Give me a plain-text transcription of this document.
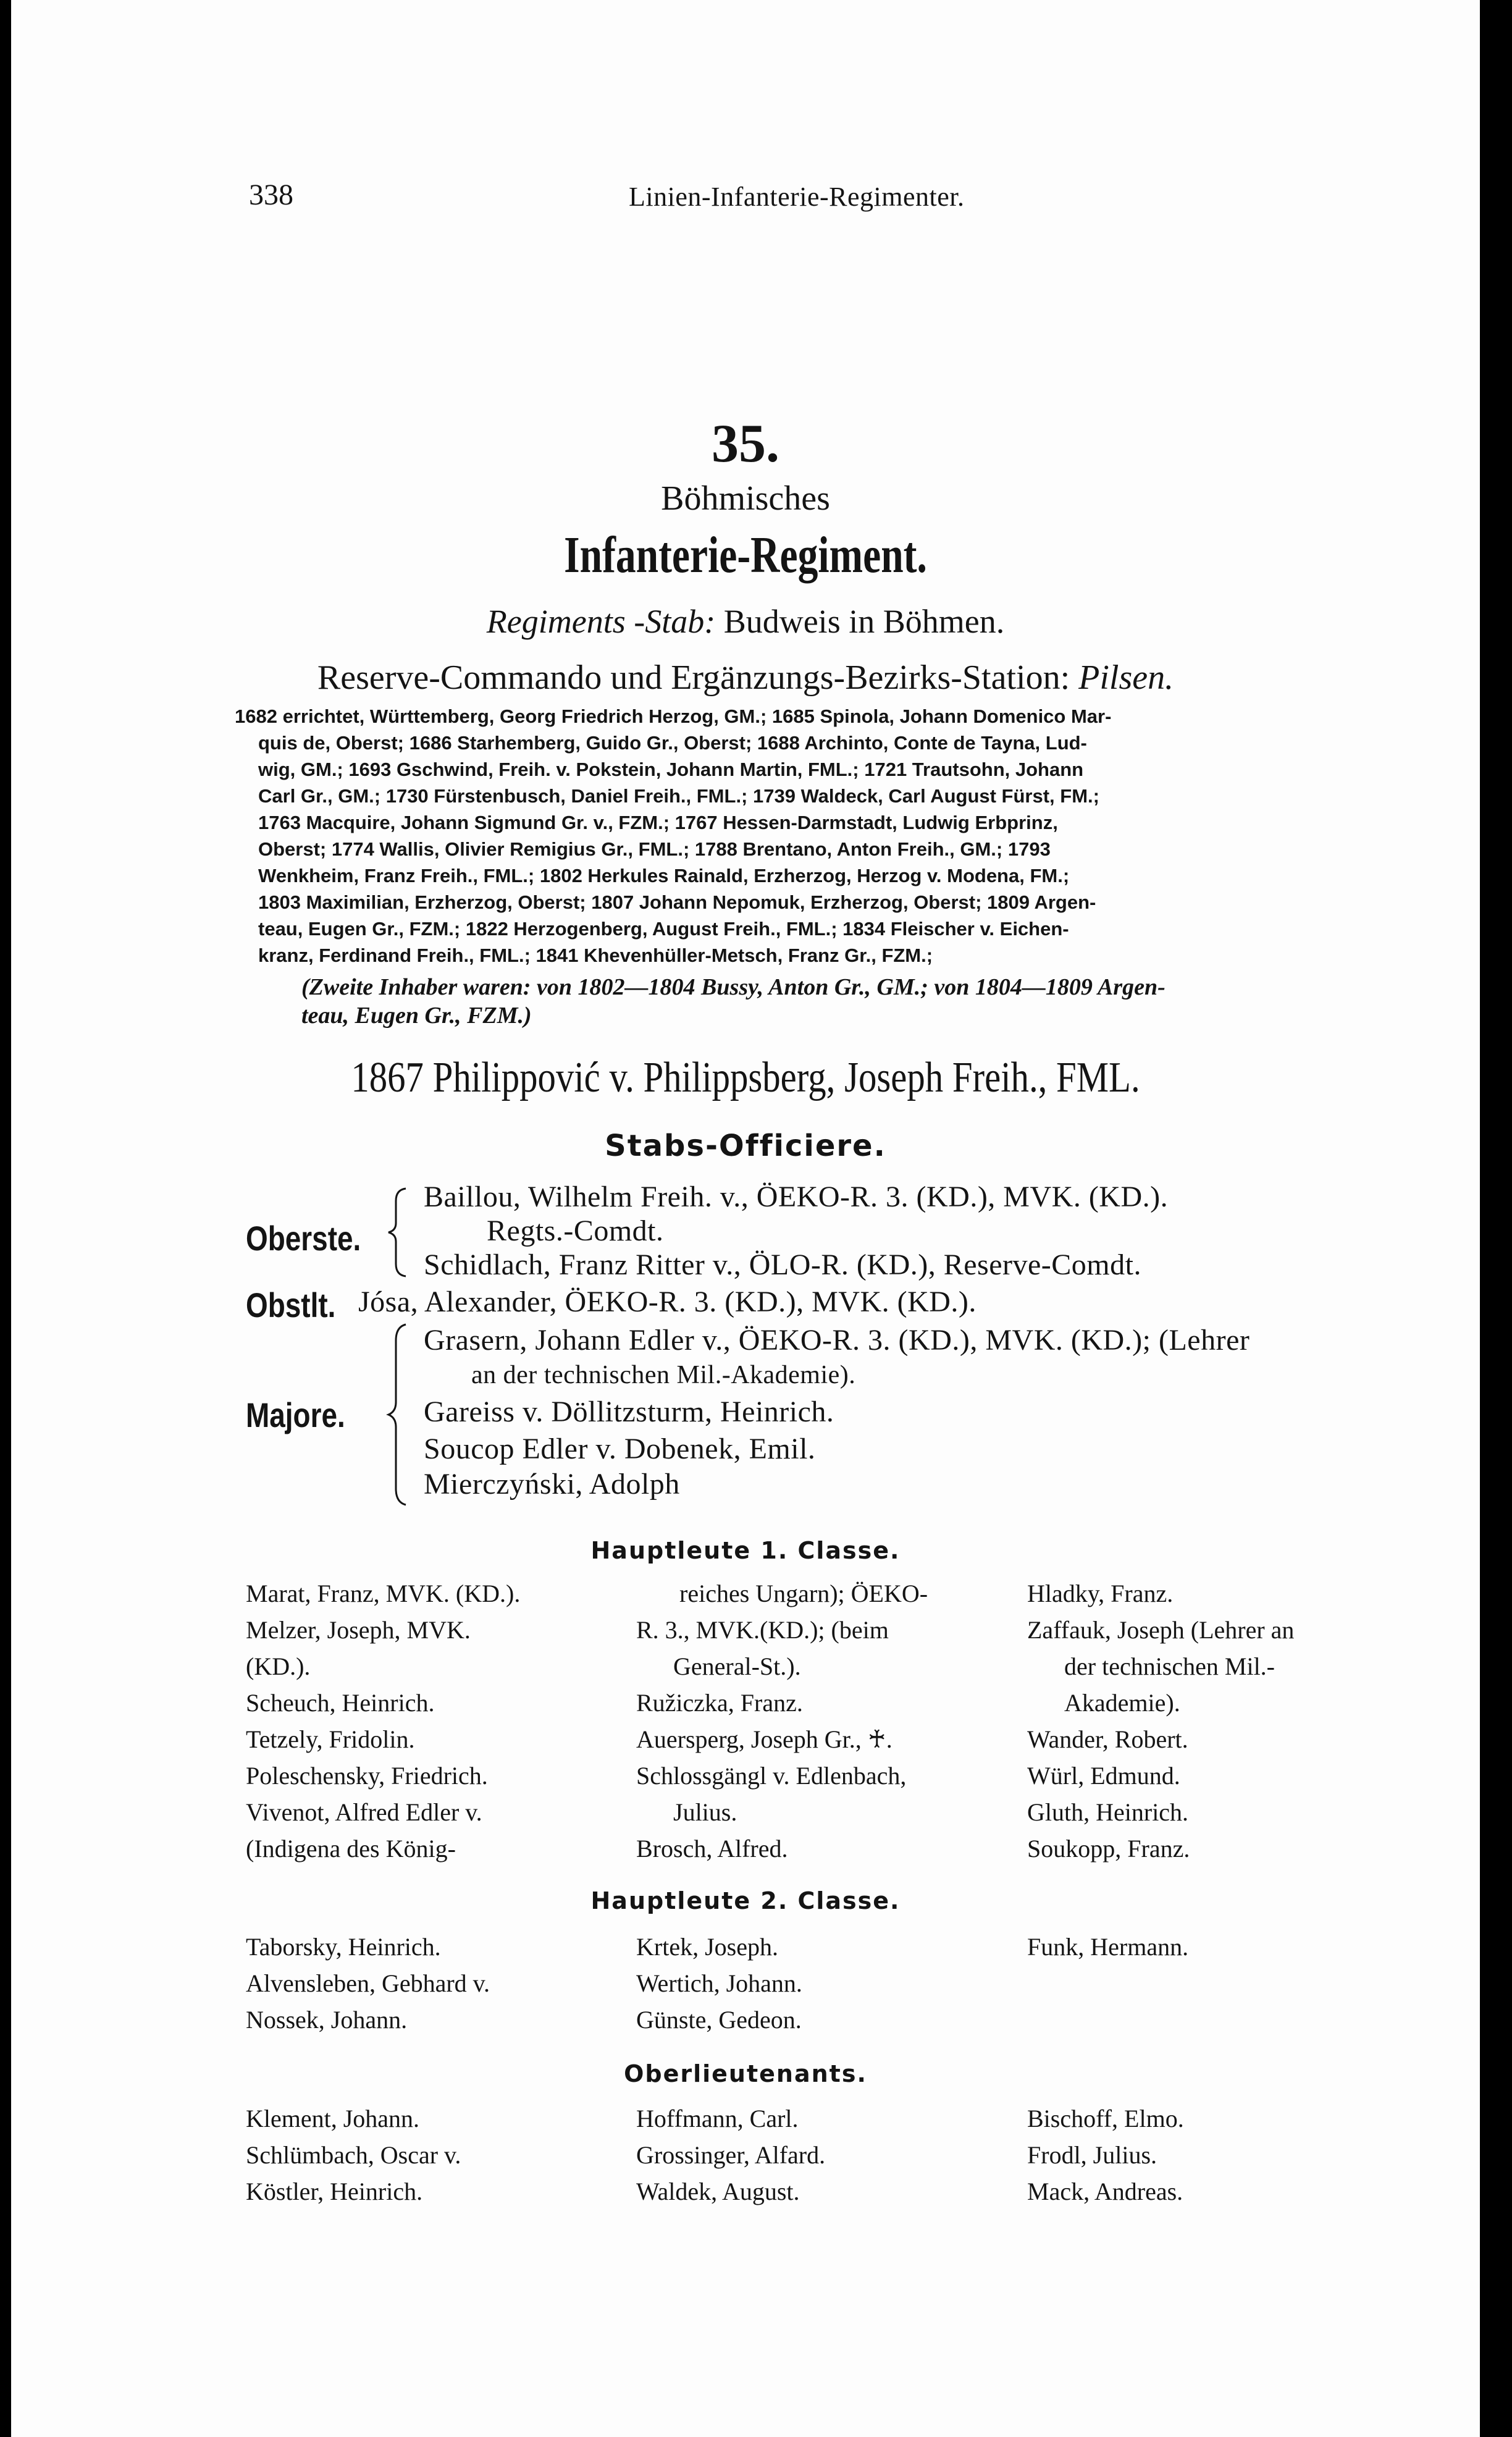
338	Linien-Infanterie-Regimenter.
35.
Böhmisches
Infanterie-Regiment.
Regiments -Stab: Budweis in Böhmen.
Reserve-Commando und Ergänzungs-Bezirks-Station: Pilsen.
1682 errichtet, Württemberg, Georg Friedrich Herzog, GM.; 1685 Spinola, Johann Domenico Mar-
quis de, Oberst; 1686 Starhemberg, Guido Gr., Oberst; 1688 Archinto, Conte de Tayna, Lud-
wig, GM.; 1693 Gschwind, Freih. v. Pokstein, Johann Martin, FML.; 1721 Trautsohn, Johann
Carl Gr., GM.; 1730 Fürstenbusch, Daniel Freih., FML.; 1739 Waldeck, Carl August Fürst, FM.;
1763 Macquire, Johann Sigmund Gr. v., FZM.; 1767 Hessen-Darmstadt, Ludwig Erbprinz,
Oberst; 1774 Wallis, Olivier Remigius Gr., FML.; 1788 Brentano, Anton Freih., GM.; 1793
Wenkheim, Franz Freih., FML.; 1802 Herkules Rainald, Erzherzog, Herzog v. Modena, FM.;
1803 Maximilian, Erzherzog, Oberst; 1807 Johann Nepomuk, Erzherzog, Oberst; 1809 Argen-
teau, Eugen Gr., FZM.; 1822 Herzogenberg, August Freih., FML.; 1834 Fleischer v. Eichen-
kranz, Ferdinand Freih., FML.; 1841 Khevenhüller-Metsch, Franz Gr., FZM.;
(Zweite Inhaber waren: von 1802—1804 Bussy, Anton Gr., GM.; von 1804—1809 Argen-
teau, Eugen Gr., FZM.)
1867 Philippović v. Philippsberg, Joseph Freih., FML.
Stabs-Officiere.
Oberste.
Baillou, Wilhelm Freih. v., ÖEKO-R. 3. (KD.), MVK. (KD.).
Regts.-Comdt.
Schidlach, Franz Ritter v., ÖLO-R. (KD.), Reserve-Comdt.
Obstlt. Jósa, Alexander, ÖEKO-R. 3. (KD.), MVK. (KD.).
Majore.
Grasern, Johann Edler v., ÖEKO-R. 3. (KD.), MVK. (KD.); (Lehrer
an der technischen Mil.-Akademie).
Gareiss v. Döllitzsturm, Heinrich.
Soucop Edler v. Dobenek, Emil.
Mierczyński, Adolph
Hauptleute 1. Classe.
Marat, Franz, MVK. (KD.).
Melzer, Joseph, MVK.
(KD.).
Scheuch, Heinrich.
Tetzely, Fridolin.
Poleschensky, Friedrich.
Vivenot, Alfred Edler v.
(Indigena des König-
reiches Ungarn); ÖEKO-
R. 3., MVK.(KD.); (beim
General-St.).
Ružiczka, Franz.
Auersperg, Joseph Gr., ♰.
Schlossgängl v. Edlenbach,
Julius.
Brosch, Alfred.
Hladky, Franz.
Zaffauk, Joseph (Lehrer an
der technischen Mil.-
Akademie).
Wander, Robert.
Würl, Edmund.
Gluth, Heinrich.
Soukopp, Franz.
Hauptleute 2. Classe.
Taborsky, Heinrich.
Alvensleben, Gebhard v.
Nossek, Johann.
Krtek, Joseph.
Wertich, Johann.
Günste, Gedeon.
Funk, Hermann.
Oberlieutenants.
Klement, Johann.
Schlümbach, Oscar v.
Köstler, Heinrich.
Hoffmann, Carl.
Grossinger, Alfard.
Waldek, August.
Bischoff, Elmo.
Frodl, Julius.
Mack, Andreas.
